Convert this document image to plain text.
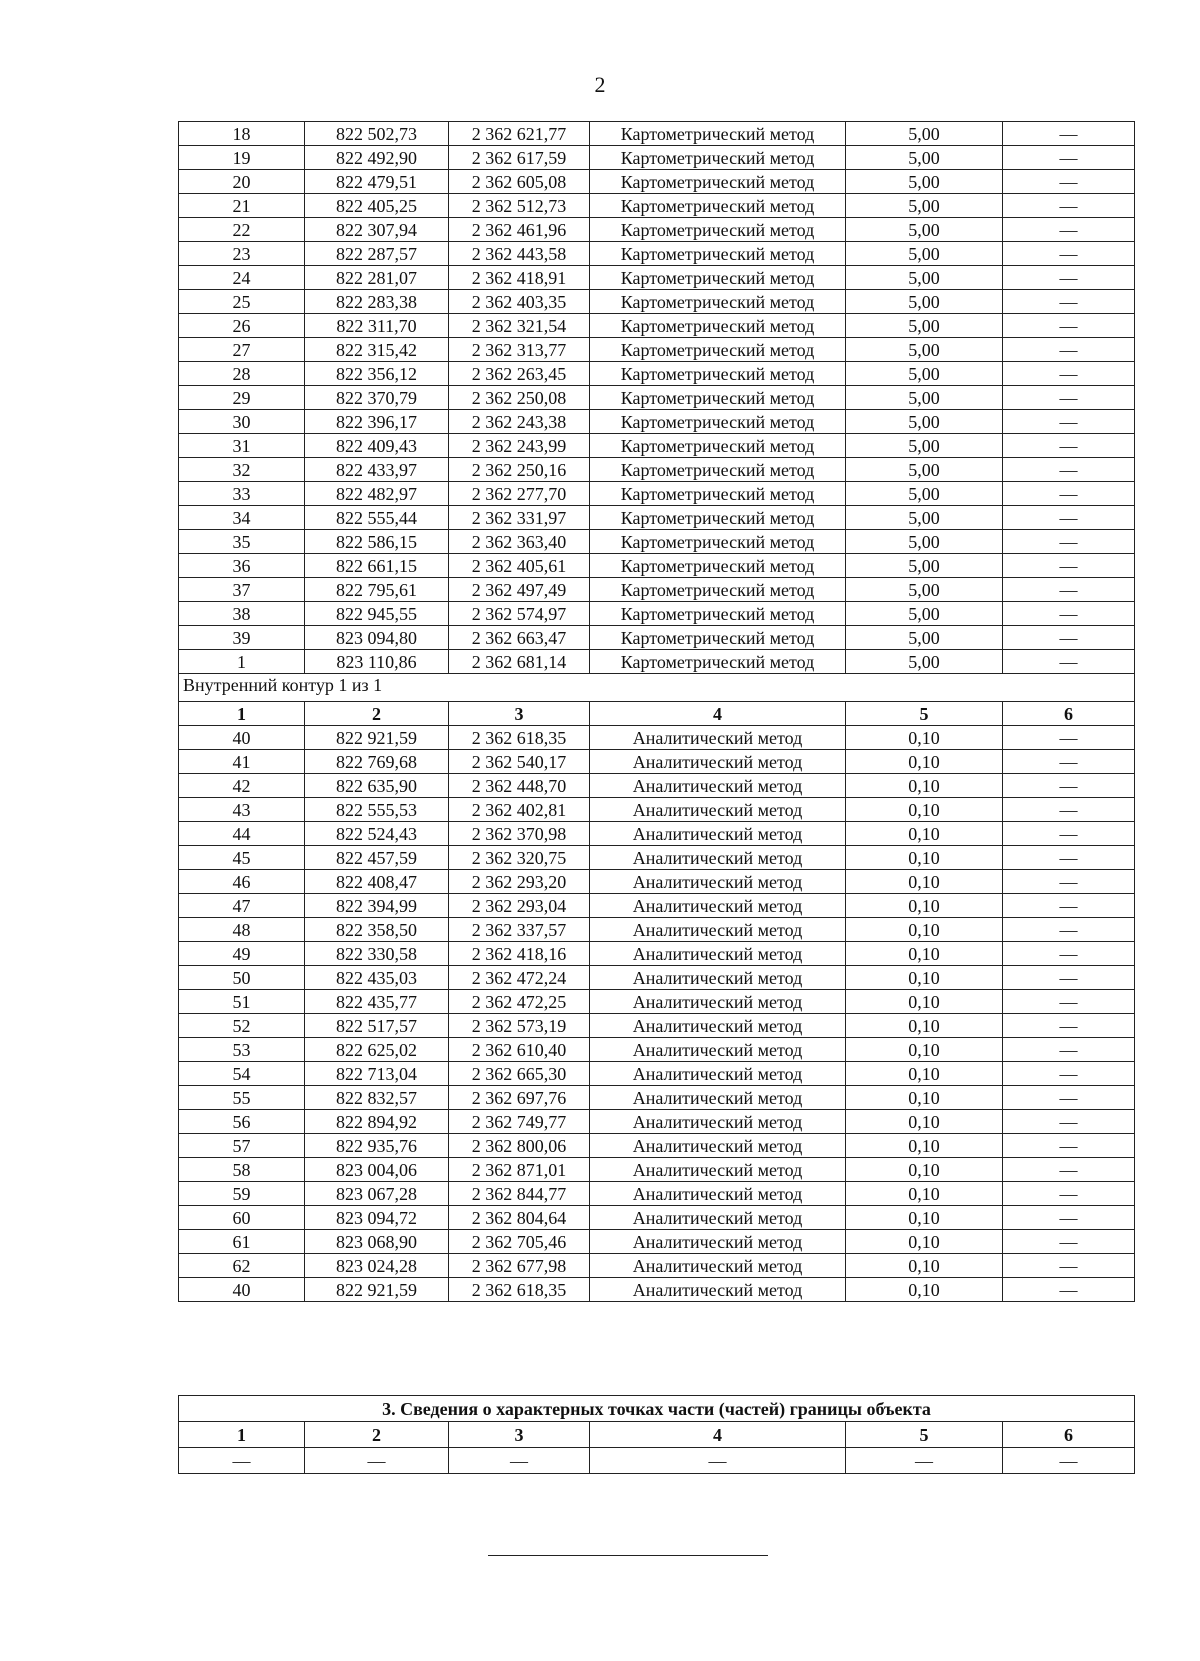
2
18	822 502,73	2 362 621,77	Картометрический метод	5,00	—
19	822 492,90	2 362 617,59	Картометрический метод	5,00	—
20	822 479,51	2 362 605,08	Картометрический метод	5,00	—
21	822 405,25	2 362 512,73	Картометрический метод	5,00	—
22	822 307,94	2 362 461,96	Картометрический метод	5,00	—
23	822 287,57	2 362 443,58	Картометрический метод	5,00	—
24	822 281,07	2 362 418,91	Картометрический метод	5,00	—
25	822 283,38	2 362 403,35	Картометрический метод	5,00	—
26	822 311,70	2 362 321,54	Картометрический метод	5,00	—
27	822 315,42	2 362 313,77	Картометрический метод	5,00	—
28	822 356,12	2 362 263,45	Картометрический метод	5,00	—
29	822 370,79	2 362 250,08	Картометрический метод	5,00	—
30	822 396,17	2 362 243,38	Картометрический метод	5,00	—
31	822 409,43	2 362 243,99	Картометрический метод	5,00	—
32	822 433,97	2 362 250,16	Картометрический метод	5,00	—
33	822 482,97	2 362 277,70	Картометрический метод	5,00	—
34	822 555,44	2 362 331,97	Картометрический метод	5,00	—
35	822 586,15	2 362 363,40	Картометрический метод	5,00	—
36	822 661,15	2 362 405,61	Картометрический метод	5,00	—
37	822 795,61	2 362 497,49	Картометрический метод	5,00	—
38	822 945,55	2 362 574,97	Картометрический метод	5,00	—
39	823 094,80	2 362 663,47	Картометрический метод	5,00	—
1	823 110,86	2 362 681,14	Картометрический метод	5,00	—
Внутренний контур 1 из 1					
1	2	3	4	5	6
40	822 921,59	2 362 618,35	Аналитический метод	0,10	—
41	822 769,68	2 362 540,17	Аналитический метод	0,10	—
42	822 635,90	2 362 448,70	Аналитический метод	0,10	—
43	822 555,53	2 362 402,81	Аналитический метод	0,10	—
44	822 524,43	2 362 370,98	Аналитический метод	0,10	—
45	822 457,59	2 362 320,75	Аналитический метод	0,10	—
46	822 408,47	2 362 293,20	Аналитический метод	0,10	—
47	822 394,99	2 362 293,04	Аналитический метод	0,10	—
48	822 358,50	2 362 337,57	Аналитический метод	0,10	—
49	822 330,58	2 362 418,16	Аналитический метод	0,10	—
50	822 435,03	2 362 472,24	Аналитический метод	0,10	—
51	822 435,77	2 362 472,25	Аналитический метод	0,10	—
52	822 517,57	2 362 573,19	Аналитический метод	0,10	—
53	822 625,02	2 362 610,40	Аналитический метод	0,10	—
54	822 713,04	2 362 665,30	Аналитический метод	0,10	—
55	822 832,57	2 362 697,76	Аналитический метод	0,10	—
56	822 894,92	2 362 749,77	Аналитический метод	0,10	—
57	822 935,76	2 362 800,06	Аналитический метод	0,10	—
58	823 004,06	2 362 871,01	Аналитический метод	0,10	—
59	823 067,28	2 362 844,77	Аналитический метод	0,10	—
60	823 094,72	2 362 804,64	Аналитический метод	0,10	—
61	823 068,90	2 362 705,46	Аналитический метод	0,10	—
62	823 024,28	2 362 677,98	Аналитический метод	0,10	—
40	822 921,59	2 362 618,35	Аналитический метод	0,10	—
3. Сведения о характерных точках части (частей) границы объекта					
1	2	3	4	5	6
—	—	—	—	—	—
